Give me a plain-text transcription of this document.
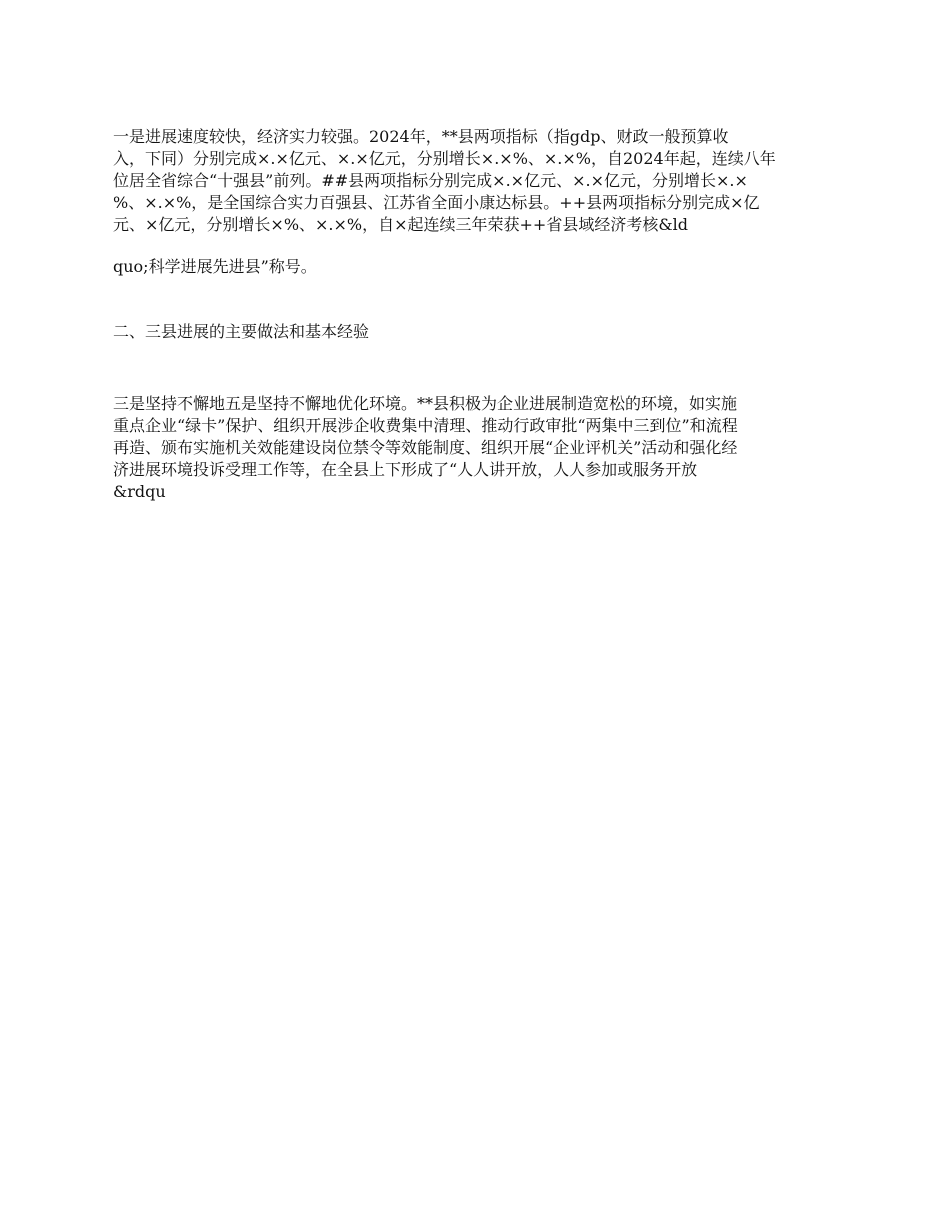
一是进展速度较快，经济实力较强。2024年，**县两项指标（指gdp、财政一般预算收
入，下同）分别完成×.×亿元、×.×亿元，分别增长×.×%、×.×%，自2024年起，连续八年
位居全省综合“十强县”前列。##县两项指标分别完成×.×亿元、×.×亿元，分别增长×.×
%、×.×%，是全国综合实力百强县、江苏省全面小康达标县。++县两项指标分别完成×亿
元、×亿元，分别增长×%、×.×%，自×起连续三年荣获++省县域经济考核&ld
quo;科学进展先进县”称号。
二、三县进展的主要做法和基本经验
三是坚持不懈地五是坚持不懈地优化环境。**县积极为企业进展制造宽松的环境，如实施
重点企业“绿卡”保护、组织开展涉企收费集中清理、推动行政审批“两集中三到位”和流程
再造、颁布实施机关效能建设岗位禁令等效能制度、组织开展“企业评机关”活动和强化经
济进展环境投诉受理工作等，在全县上下形成了“人人讲开放，人人参加或服务开放
&rdqu
